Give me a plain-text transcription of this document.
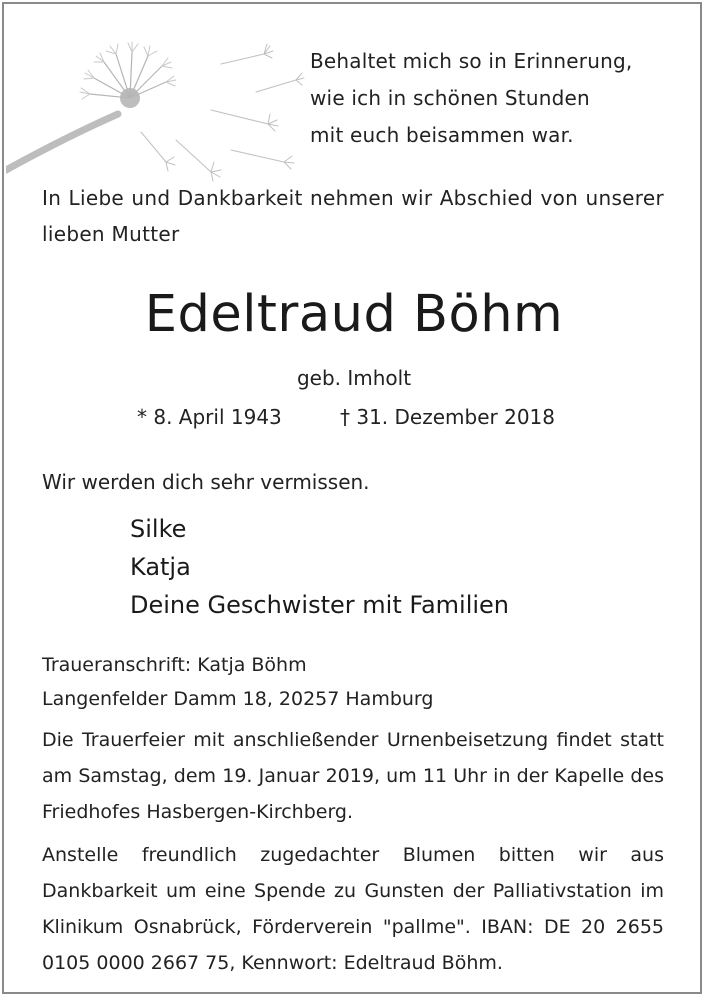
Behaltet mich so in Erinnerung,
wie ich in schönen Stunden
mit euch beisammen war.
In Liebe und Dankbarkeit nehmen wir Abschied von unserer lieben Mutter
Edeltraud Böhm
geb. Imholt
* 8. April 1943	† 31. Dezember 2018
Wir werden dich sehr vermissen.
Silke
Katja
Deine Geschwister mit Familien
Traueranschrift: Katja Böhm
Langenfelder Damm 18, 20257 Hamburg
Die Trauerfeier mit anschließender Urnenbeisetzung findet statt am Samstag, dem 19. Januar 2019, um 11 Uhr in der Kapelle des Friedhofes Hasbergen-Kirchberg.
Anstelle freundlich zugedachter Blumen bitten wir aus Dankbarkeit um eine Spende zu Gunsten der Palliativstation im Klinikum Osnabrück, Förderverein "pallme". IBAN: DE 20 2655 0105 0000 2667 75, Kennwort: Edeltraud Böhm.
